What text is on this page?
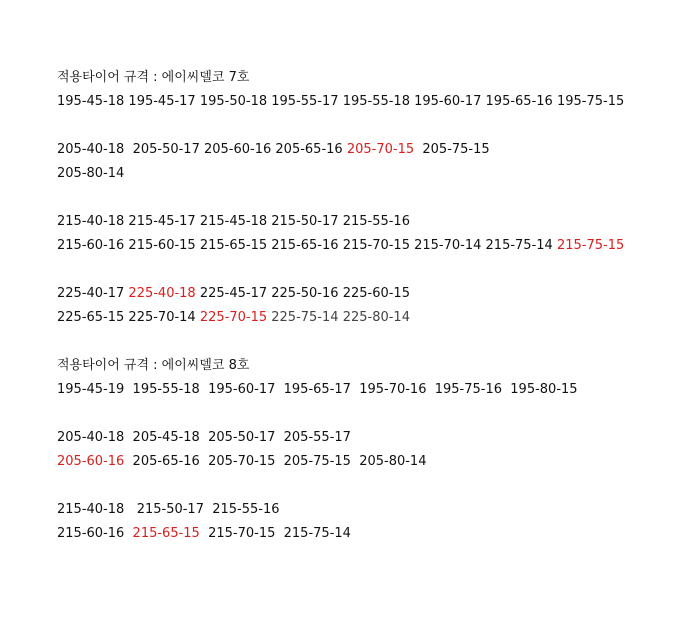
적용타이어 규격 : 에이씨델코 7호
195-45-18 195-45-17 195-50-18 195-55-17 195-55-18 195-60-17 195-65-16 195-75-15
205-40-18  205-50-17 205-60-16 205-65-16 205-70-15  205-75-15
205-80-14
215-40-18 215-45-17 215-45-18 215-50-17 215-55-16
215-60-16 215-60-15 215-65-15 215-65-16 215-70-15 215-70-14 215-75-14 215-75-15
225-40-17 225-40-18 225-45-17 225-50-16 225-60-15
225-65-15 225-70-14 225-70-15 225-75-14 225-80-14
적용타이어 규격 : 에이씨델코 8호
195-45-19 195-55-18 195-60-17 195-65-17 195-70-16 195-75-16 195-80-15
205-40-18 205-45-18 205-50-17 205-55-17
205-60-16 205-65-16 205-70-15 205-75-15 205-80-14
215-40-18   215-50-17 215-55-16
215-60-16 215-65-15 215-70-15 215-75-14
